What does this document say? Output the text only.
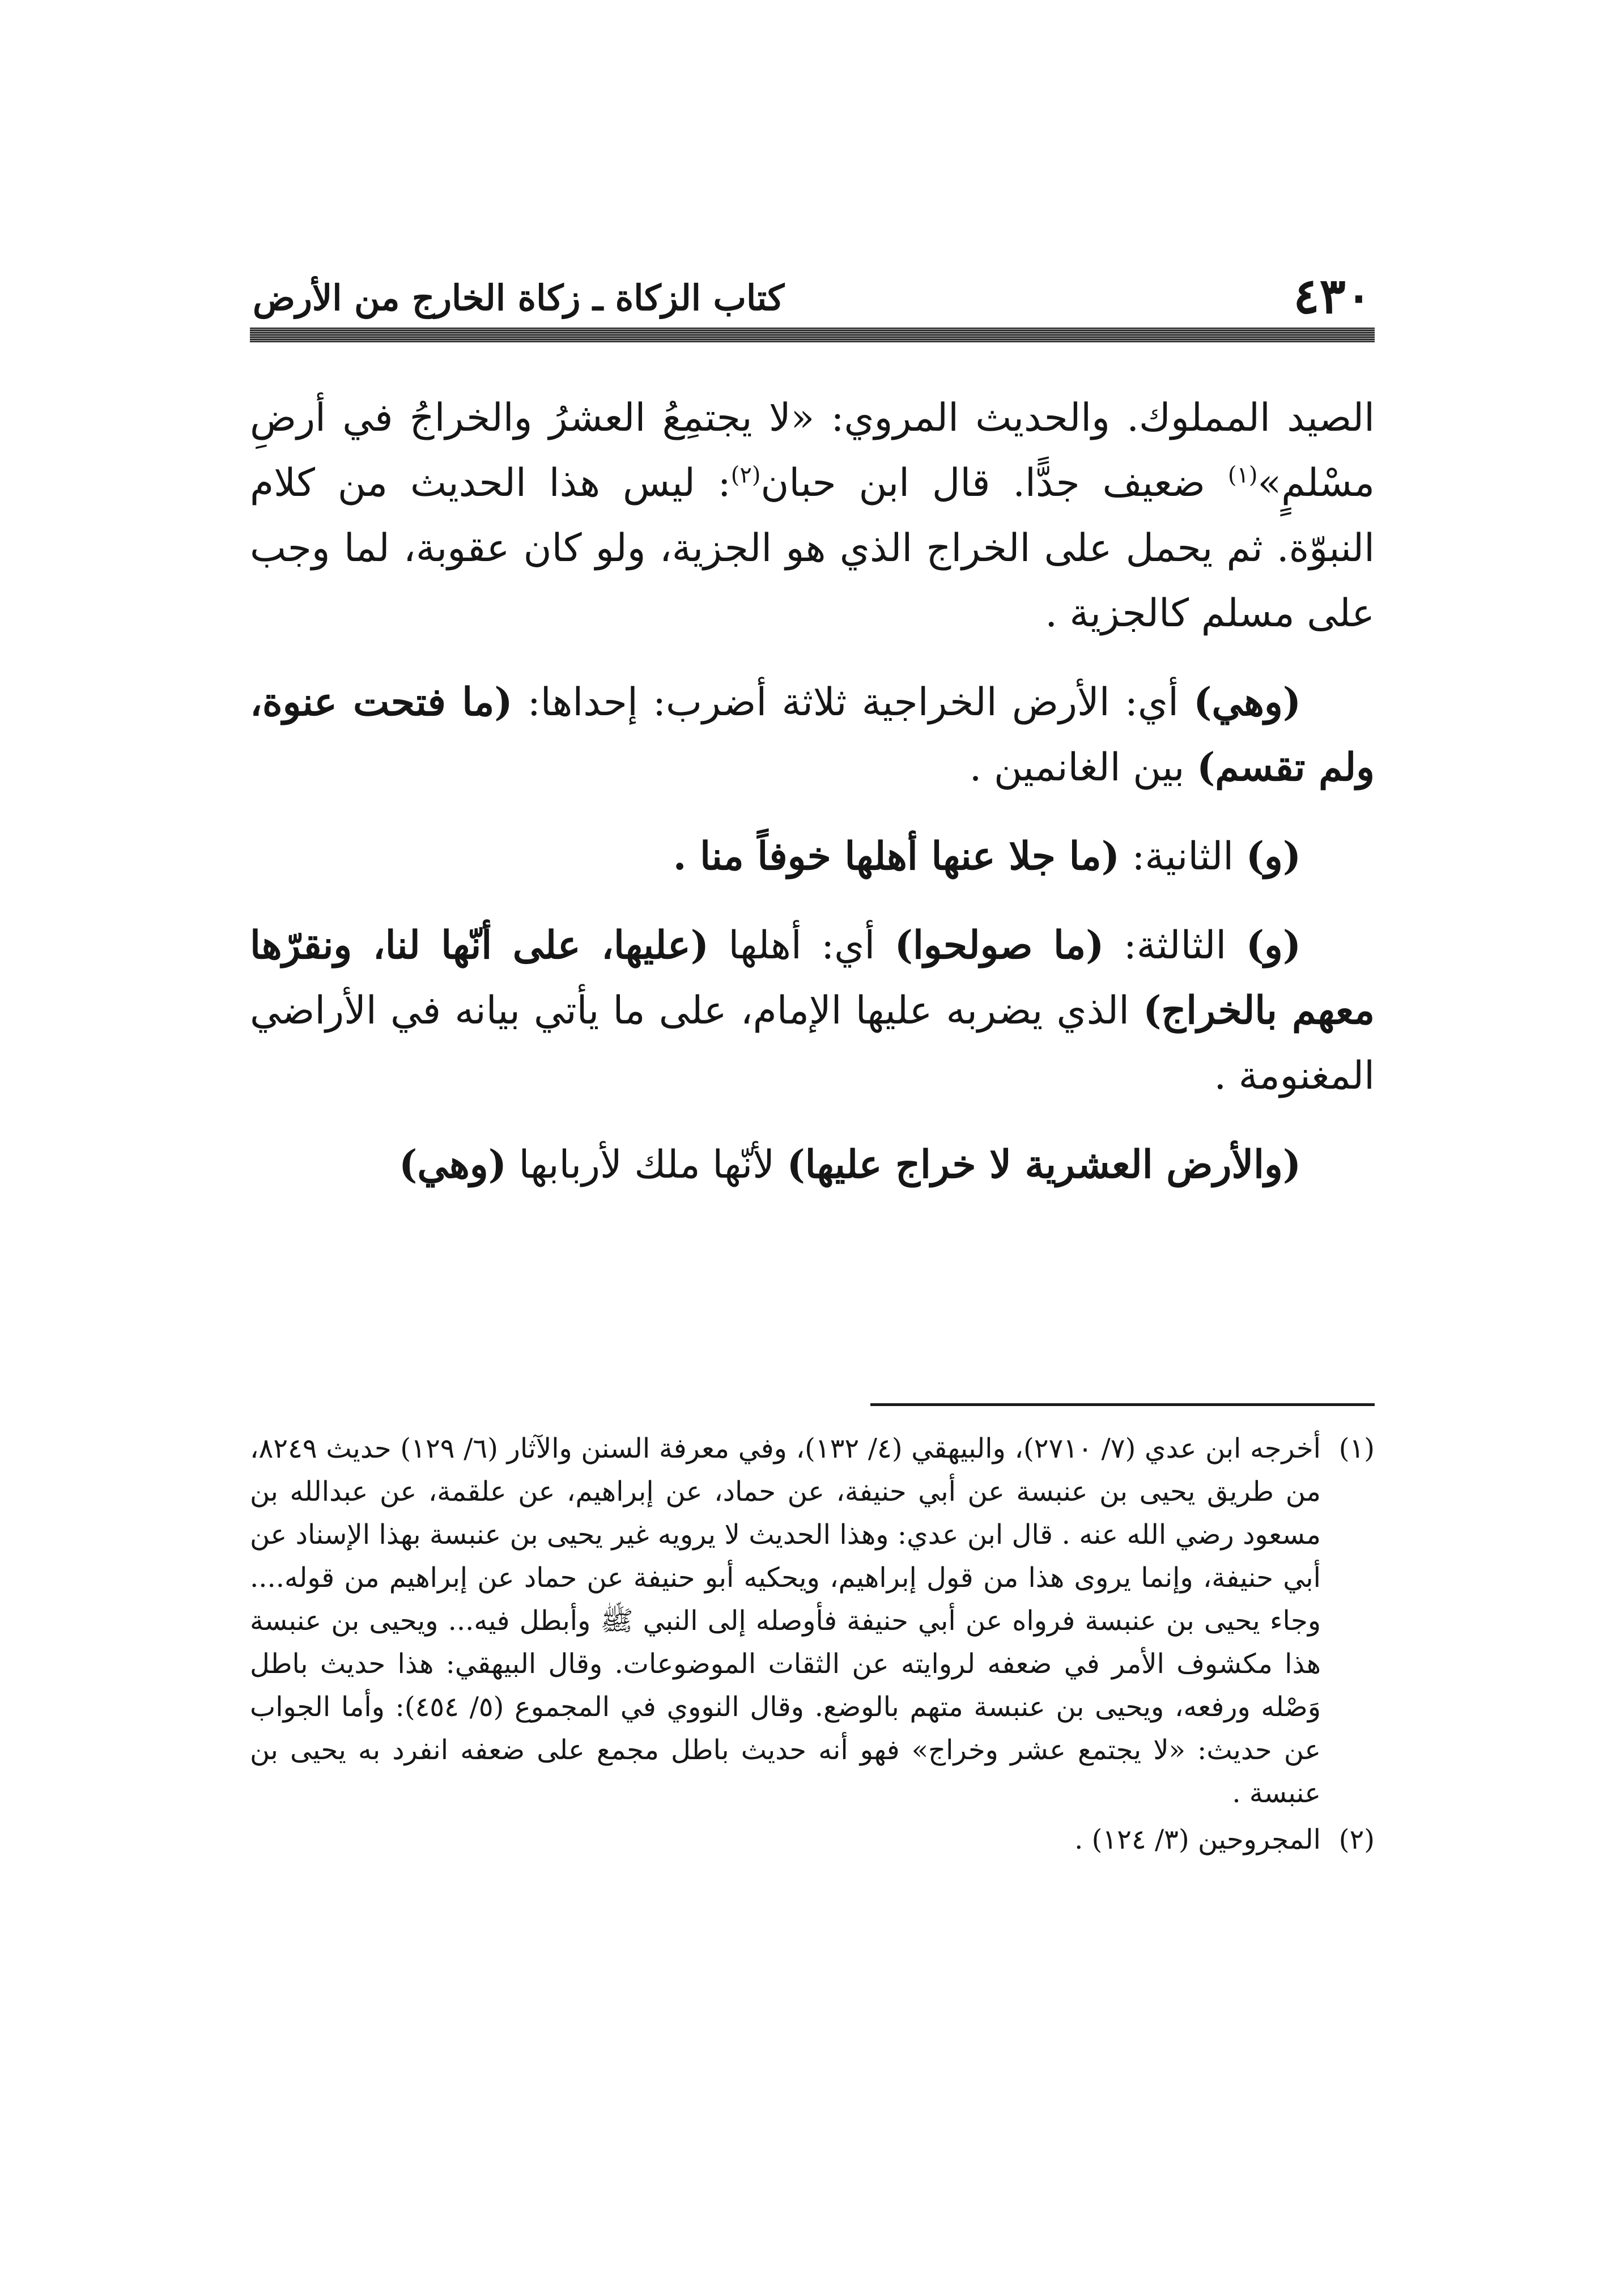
٤٣٠
كتاب الزكاة ـ زكاة الخارج من الأرض

الصيد المملوك. والحديث المروي: «لا يجتمِعُ العشرُ والخراجُ في أرضِ مسْلمٍ»$^{(١)}$ ضعيف جدًّا. قال ابن حبان$^{(٢)}$: ليس هذا الحديث من كلام النبوّة. ثم يحمل على الخراج الذي هو الجزية، ولو كان عقوبة، لما وجب على مسلم كالجزية .

(وهي) أي: الأرض الخراجية ثلاثة أضرب: إحداها: (ما فتحت عنوة، ولم تقسم) بين الغانمين .

(و) الثانية: (ما جلا عنها أهلها خوفاً منا .

(و) الثالثة: (ما صولحوا) أي: أهلها (عليها، على أنّها لنا، ونقرّها معهم بالخراج) الذي يضربه عليها الإمام، على ما يأتي بيانه في الأراضي المغنومة .

(والأرض العشرية لا خراج عليها) لأنّها ملك لأربابها (وهي)

(١)
أخرجه ابن عدي (٧/ ٢٧١٠)، والبيهقي (٤/ ١٣٢)، وفي معرفة السنن والآثار (٦/ ١٢٩) حديث ٨٢٤٩، من طريق يحيى بن عنبسة عن أبي حنيفة، عن حماد، عن إبراهيم، عن علقمة، عن عبدالله بن مسعود رضي الله عنه . قال ابن عدي: وهذا الحديث لا يرويه غير يحيى بن عنبسة بهذا الإسناد عن أبي حنيفة، وإنما يروى هذا من قول إبراهيم، ويحكيه أبو حنيفة عن حماد عن إبراهيم من قوله.... وجاء يحيى بن عنبسة فرواه عن أبي حنيفة فأوصله إلى النبي ﷺ وأبطل فيه... ويحيى بن عنبسة هذا مكشوف الأمر في ضعفه لروايته عن الثقات الموضوعات. وقال البيهقي: هذا حديث باطل وَصْله ورفعه، ويحيى بن عنبسة متهم بالوضع. وقال النووي في المجموع (٥/ ٤٥٤): وأما الجواب عن حديث: «لا يجتمع عشر وخراج» فهو أنه حديث باطل مجمع على ضعفه انفرد به يحيى بن عنبسة .
(٢)
المجروحين (٣/ ١٢٤) .
